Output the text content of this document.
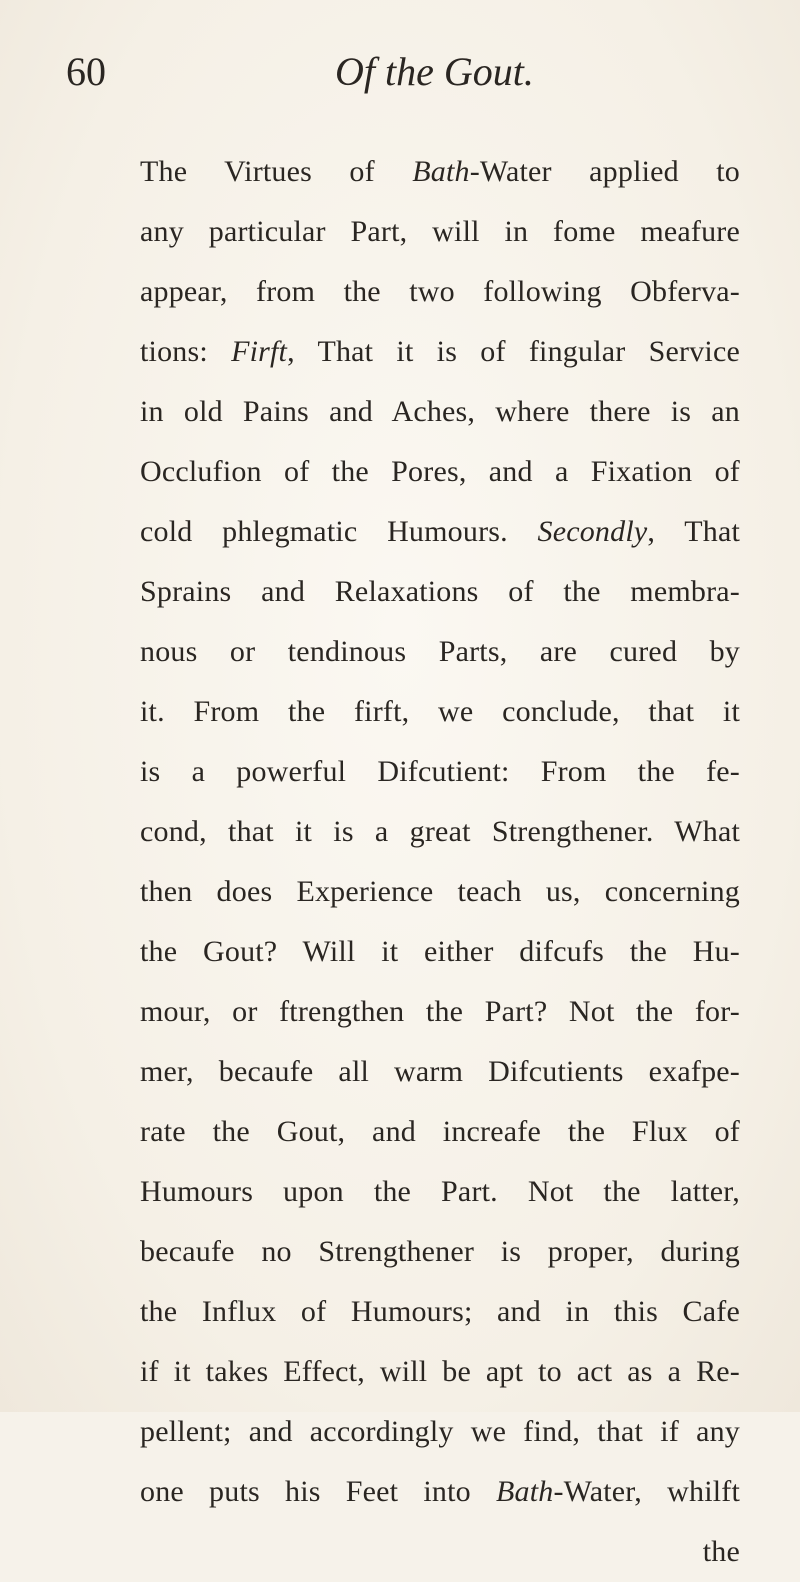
60	Of the Gout.
The Virtues of Bath-Water applied to
any particular Part, will in fome meafure
appear, from the two following Obferva-
tions: Firft, That it is of fingular Service
in old Pains and Aches, where there is an
Occlufion of the Pores, and a Fixation of
cold phlegmatic Humours. Secondly, That
Sprains and Relaxations of the membra-
nous or tendinous Parts, are cured by
it. From the firft, we conclude, that it
is a powerful Difcutient: From the fe-
cond, that it is a great Strengthener. What
then does Experience teach us, concerning
the Gout? Will it either difcufs the Hu-
mour, or ftrengthen the Part? Not the for-
mer, becaufe all warm Difcutients exafpe-
rate the Gout, and increafe the Flux of
Humours upon the Part. Not the latter,
becaufe no Strengthener is proper, during
the Influx of Humours; and in this Cafe
if it takes Effect, will be apt to act as a Re-
pellent; and accordingly we find, that if any
one puts his Feet into Bath-Water, whilft
the
